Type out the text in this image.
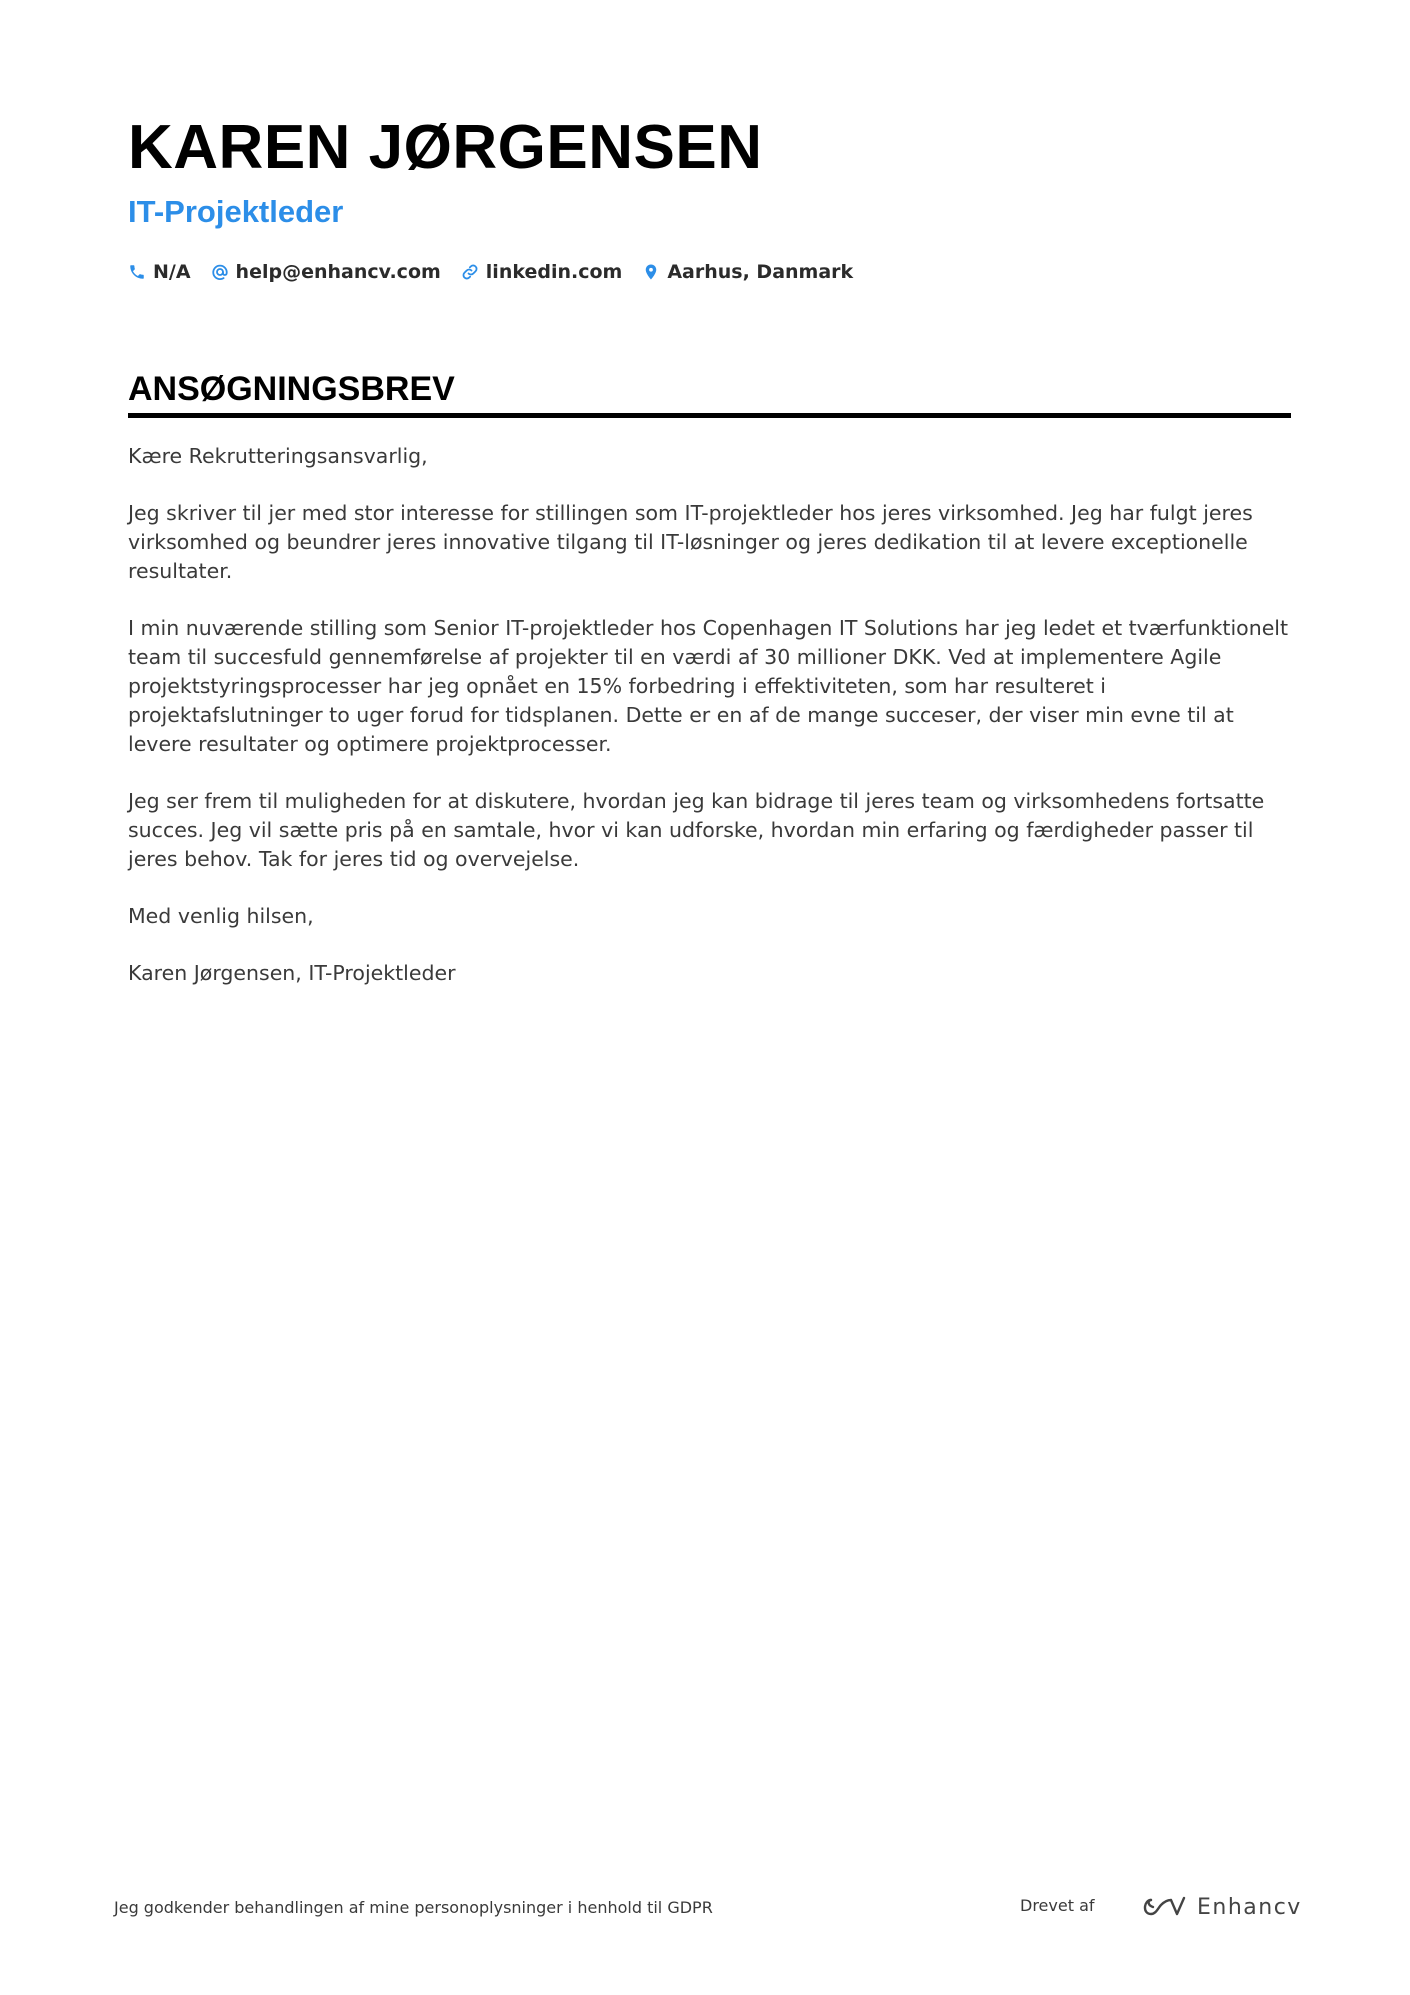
KAREN JØRGENSEN
IT-Projektleder
N/A help@enhancv.com linkedin.com Aarhus, Danmark
ANSØGNINGSBREV

Kære Rekrutteringsansvarlig,

Jeg skriver til jer med stor interesse for stillingen som IT-projektleder hos jeres virksomhed. Jeg har fulgt jeres virksomhed og beundrer jeres innovative tilgang til IT-løsninger og jeres dedikation til at levere exceptionelle resultater.

I min nuværende stilling som Senior IT-projektleder hos Copenhagen IT Solutions har jeg ledet et tværfunktionelt team til succesfuld gennemførelse af projekter til en værdi af 30 millioner DKK. Ved at implementere Agile projektstyringsprocesser har jeg opnået en 15% forbedring i effektiviteten, som har resulteret i projektafslutninger to uger forud for tidsplanen. Dette er en af de mange succeser, der viser min evne til at levere resultater og optimere projektprocesser.

Jeg ser frem til muligheden for at diskutere, hvordan jeg kan bidrage til jeres team og virksomhedens fortsatte succes. Jeg vil sætte pris på en samtale, hvor vi kan udforske, hvordan min erfaring og færdigheder passer til jeres behov. Tak for jeres tid og overvejelse.

Med venlig hilsen,

Karen Jørgensen, IT-Projektleder

Jeg godkender behandlingen af mine personoplysninger i henhold til GDPR	Drevet af	Enhancv
